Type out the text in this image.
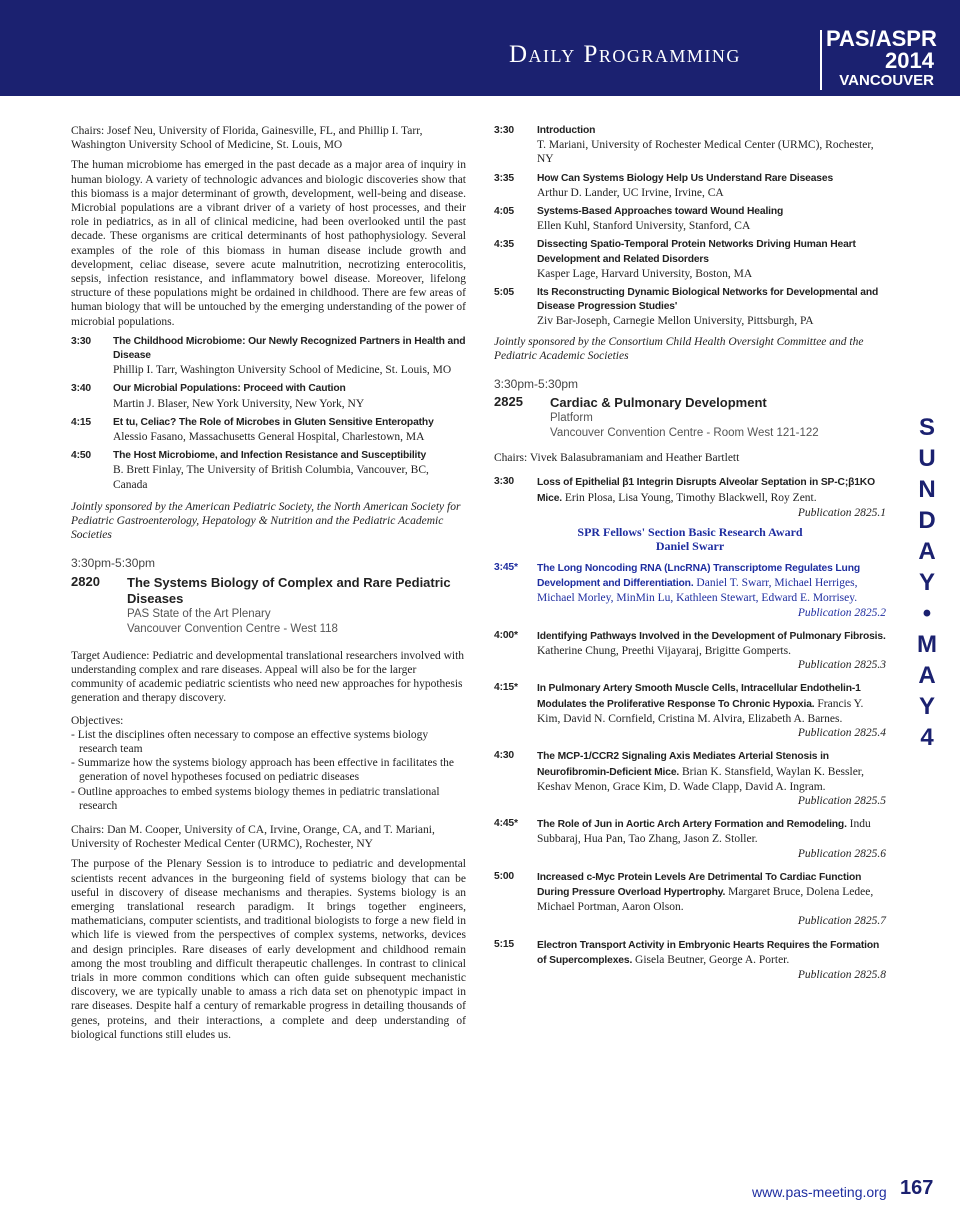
Daily Programming
PAS/ASPR
2014
VANCOUVER

Chairs: Josef Neu, University of Florida, Gainesville, FL, and Phillip I. Tarr, Washington University School of Medicine, St. Louis, MO

The human microbiome has emerged in the past decade as a major area of inquiry in human biology. A variety of technologic advances and biologic discoveries show that this biomass is a major determinant of growth, development, well-being and disease. Microbial populations are a vibrant driver of a variety of host processes, and their role in pediatrics, as in all of clinical medicine, had been overlooked until the past decade. These organisms are critical determinants of host pathophysiology. Several examples of the role of this biomass in human disease include growth and development, celiac disease, severe acute malnutrition, necrotizing enterocolitis, sepsis, infection resistance, and inflammatory bowel disease. Moreover, lifelong structure of these populations might be ordained in childhood. There are few areas of human biology that will be untouched by the emerging understanding of the power of microbial populations.

3:30	The Childhood Microbiome: Our Newly Recognized Partners in Health and Disease
Phillip I. Tarr, Washington University School of Medicine, St. Louis, MO
3:40	Our Microbial Populations: Proceed with Caution
Martin J. Blaser, New York University, New York, NY
4:15	Et tu, Celiac? The Role of Microbes in Gluten Sensitive Enteropathy
Alessio Fasano, Massachusetts General Hospital, Charlestown, MA
4:50	The Host Microbiome, and Infection Resistance and Susceptibility
B. Brett Finlay, The University of British Columbia, Vancouver, BC, Canada

Jointly sponsored by the American Pediatric Society, the North American Society for Pediatric Gastroenterology, Hepatology & Nutrition and the Pediatric Academic Societies

3:30pm-5:30pm
2820	The Systems Biology of Complex and Rare Pediatric Diseases
PAS State of the Art Plenary
Vancouver Convention Centre - West 118

Target Audience: Pediatric and developmental translational researchers involved with understanding complex and rare diseases. Appeal will also be for the larger community of academic pediatric scientists who need new approaches for hypothesis generation and therapy discovery.

Objectives:
- List the disciplines often necessary to compose an effective systems biology research team
- Summarize how the systems biology approach has been effective in facilitates the generation of novel hypotheses focused on pediatric diseases
- Outline approaches to embed systems biology themes in pediatric translational research

Chairs: Dan M. Cooper, University of CA, Irvine, Orange, CA, and T. Mariani, University of Rochester Medical Center (URMC), Rochester, NY

The purpose of the Plenary Session is to introduce to pediatric and developmental scientists recent advances in the burgeoning field of systems biology that can be useful in discovery of disease mechanisms and therapies. Systems biology is an emerging translational research paradigm. It brings together engineers, mathematicians, computer scientists, and traditional biologists to forge a new field in which life is viewed from the perspectives of complex systems, networks, devices and design principles. Rare diseases of early development and childhood remain among the most troubling and difficult therapeutic challenges. In contrast to clinical trials in more common conditions which can often guide subsequent mechanistic discovery, we are typically unable to amass a rich data set on phenotypic impact in rare diseases. Despite half a century of remarkable progress in detailing thousands of genes, proteins, and their interactions, a complete and deep understanding of biological functions still eludes us.

3:30	Introduction
T. Mariani, University of Rochester Medical Center (URMC), Rochester, NY
3:35	How Can Systems Biology Help Us Understand Rare Diseases
Arthur D. Lander, UC Irvine, Irvine, CA
4:05	Systems-Based Approaches toward Wound Healing
Ellen Kuhl, Stanford University, Stanford, CA
4:35	Dissecting Spatio-Temporal Protein Networks Driving Human Heart Development and Related Disorders
Kasper Lage, Harvard University, Boston, MA
5:05	Its Reconstructing Dynamic Biological Networks for Developmental and Disease Progression Studies'
Ziv Bar-Joseph, Carnegie Mellon University, Pittsburgh, PA

Jointly sponsored by the Consortium Child Health Oversight Committee and the Pediatric Academic Societies

3:30pm-5:30pm
2825	Cardiac & Pulmonary Development
Platform
Vancouver Convention Centre - Room West 121-122

Chairs: Vivek Balasubramaniam and Heather Bartlett

3:30	Loss of Epithelial β1 Integrin Disrupts Alveolar Septation in SP-C;β1KO Mice. Erin Plosa, Lisa Young, Timothy Blackwell, Roy Zent.
Publication 2825.1
SPR Fellows' Section Basic Research Award
Daniel Swarr
3:45*	The Long Noncoding RNA (LncRNA) Transcriptome Regulates Lung Development and Differentiation. Daniel T. Swarr, Michael Herriges, Michael Morley, MinMin Lu, Kathleen Stewart, Edward E. Morrisey.
Publication 2825.2
4:00*	Identifying Pathways Involved in the Development of Pulmonary Fibrosis. Katherine Chung, Preethi Vijayaraj, Brigitte Gomperts.
Publication 2825.3
4:15*	In Pulmonary Artery Smooth Muscle Cells, Intracellular Endothelin-1 Modulates the Proliferative Response To Chronic Hypoxia. Francis Y. Kim, David N. Cornfield, Cristina M. Alvira, Elizabeth A. Barnes.
Publication 2825.4
4:30	The MCP-1/CCR2 Signaling Axis Mediates Arterial Stenosis in Neurofibromin-Deficient Mice. Brian K. Stansfield, Waylan K. Bessler, Keshav Menon, Grace Kim, D. Wade Clapp, David A. Ingram.
Publication 2825.5
4:45*	The Role of Jun in Aortic Arch Artery Formation and Remodeling. Indu Subbaraj, Hua Pan, Tao Zhang, Jason Z. Stoller.
Publication 2825.6
5:00	Increased c-Myc Protein Levels Are Detrimental To Cardiac Function During Pressure Overload Hypertrophy. Margaret Bruce, Dolena Ledee, Michael Portman, Aaron Olson.
Publication 2825.7
5:15	Electron Transport Activity in Embryonic Hearts Requires the Formation of Supercomplexes. Gisela Beutner, George A. Porter.
Publication 2825.8
S
U
N
D
A
Y
•
M
A
Y
4
www.pas-meeting.org 167
